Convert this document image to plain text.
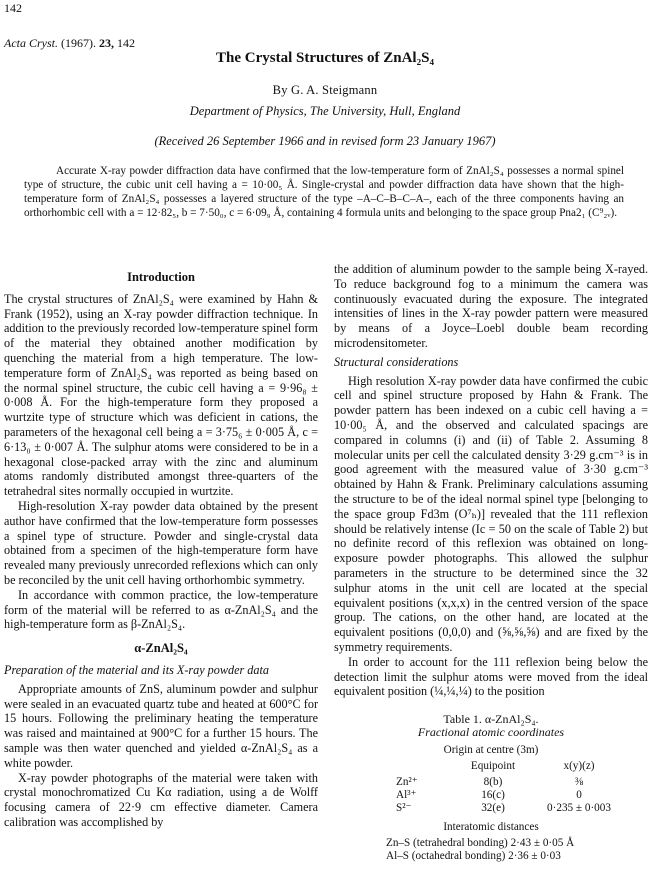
142
Acta Cryst. (1967). 23, 142
The Crystal Structures of ZnAl₂S₄
By G. A. Steigmann
Department of Physics, The University, Hull, England
(Received 26 September 1966 and in revised form 23 January 1967)

Accurate X-ray powder diffraction data have confirmed that the low-temperature form of ZnAl₂S₄ possesses a normal spinel type of structure, the cubic unit cell having a = 10·00₅ Å. Single-crystal and powder diffraction data have shown that the high-temperature form of ZnAl₂S₄ possesses a layered structure of the type –A–C–B–C–A–, each of the three components having an orthorhombic cell with a = 12·82₅, b = 7·50₀, c = 6·09₉ Å, containing 4 formula units and belonging to the space group Pna2₁ (C⁹₂ᵥ).

Introduction

The crystal structures of ZnAl₂S₄ were examined by Hahn & Frank (1952), using an X-ray powder diffraction technique. In addition to the previously recorded low-temperature spinel form of the material they obtained another modification by quenching the material from a high temperature. The low-temperature form of ZnAl₂S₄ was reported as being based on the normal spinel structure, the cubic cell having a = 9·96₈ ± 0·008 Å. For the high-temperature form they proposed a wurtzite type of structure which was deficient in cations, the parameters of the hexagonal cell being a = 3·75₆ ± 0·005 Å, c = 6·13₀ ± 0·007 Å. The sulphur atoms were considered to be in a hexagonal close-packed array with the zinc and aluminum atoms randomly distributed amongst three-quarters of the tetrahedral sites normally occupied in wurtzite.

High-resolution X-ray powder data obtained by the present author have confirmed that the low-temperature form possesses a spinel type of structure. Powder and single-crystal data obtained from a specimen of the high-temperature form have revealed many previously unrecorded reflexions which can only be reconciled by the unit cell having orthorhombic symmetry.

In accordance with common practice, the low-temperature form of the material will be referred to as α-ZnAl₂S₄ and the high-temperature form as β-ZnAl₂S₄.

α-ZnAl₂S₄
Preparation of the material and its X-ray powder data

Appropriate amounts of ZnS, aluminum powder and sulphur were sealed in an evacuated quartz tube and heated at 600°C for 15 hours. Following the preliminary heating the temperature was raised and maintained at 900°C for a further 15 hours. The sample was then water quenched and yielded α-ZnAl₂S₄ as a white powder.

X-ray powder photographs of the material were taken with crystal monochromatized Cu Kα radiation, using a de Wolff focusing camera of 22·9 cm effective diameter. Camera calibration was accomplished by

the addition of aluminum powder to the sample being X-rayed. To reduce background fog to a minimum the camera was continuously evacuated during the exposure. The integrated intensities of lines in the X-ray powder pattern were measured by means of a Joyce–Loebl double beam recording microdensitometer.

Structural considerations

High resolution X-ray powder data have confirmed the cubic cell and spinel structure proposed by Hahn & Frank. The powder pattern has been indexed on a cubic cell having a = 10·00₅ Å, and the observed and calculated spacings are compared in columns (i) and (ii) of Table 2. Assuming 8 molecular units per cell the calculated density 3·29 g.cm⁻³ is in good agreement with the measured value of 3·30 g.cm⁻³ obtained by Hahn & Frank. Preliminary calculations assuming the structure to be of the ideal normal spinel type [belonging to the space group Fd3m (O⁷ₕ)] revealed that the 111 reflexion should be relatively intense (Ic = 50 on the scale of Table 2) but no definite record of this reflexion was obtained on long-exposure powder photographs. This allowed the sulphur parameters in the structure to be determined since the 32 sulphur atoms in the unit cell are located at the special equivalent positions (x,x,x) in the centred version of the space group. The cations, on the other hand, are located at the equivalent positions (0,0,0) and (⅝,⅝,⅝) and are fixed by the symmetry requirements.

In order to account for the 111 reflexion being below the detection limit the sulphur atoms were moved from the ideal equivalent position (¼,¼,¼) to the position

Table 1. α-ZnAl₂S₄.
Fractional atomic coordinates
Origin at centre (3m)
	Equipoint	x(y)(z)
Zn²⁺	8(b)	⅜
Al³⁺	16(c)	0
S²⁻	32(e)	0·235 ± 0·003
Interatomic distances
Zn–S (tetrahedral bonding) 2·43 ± 0·05 Å
Al–S (octahedral bonding) 2·36 ± 0·03
